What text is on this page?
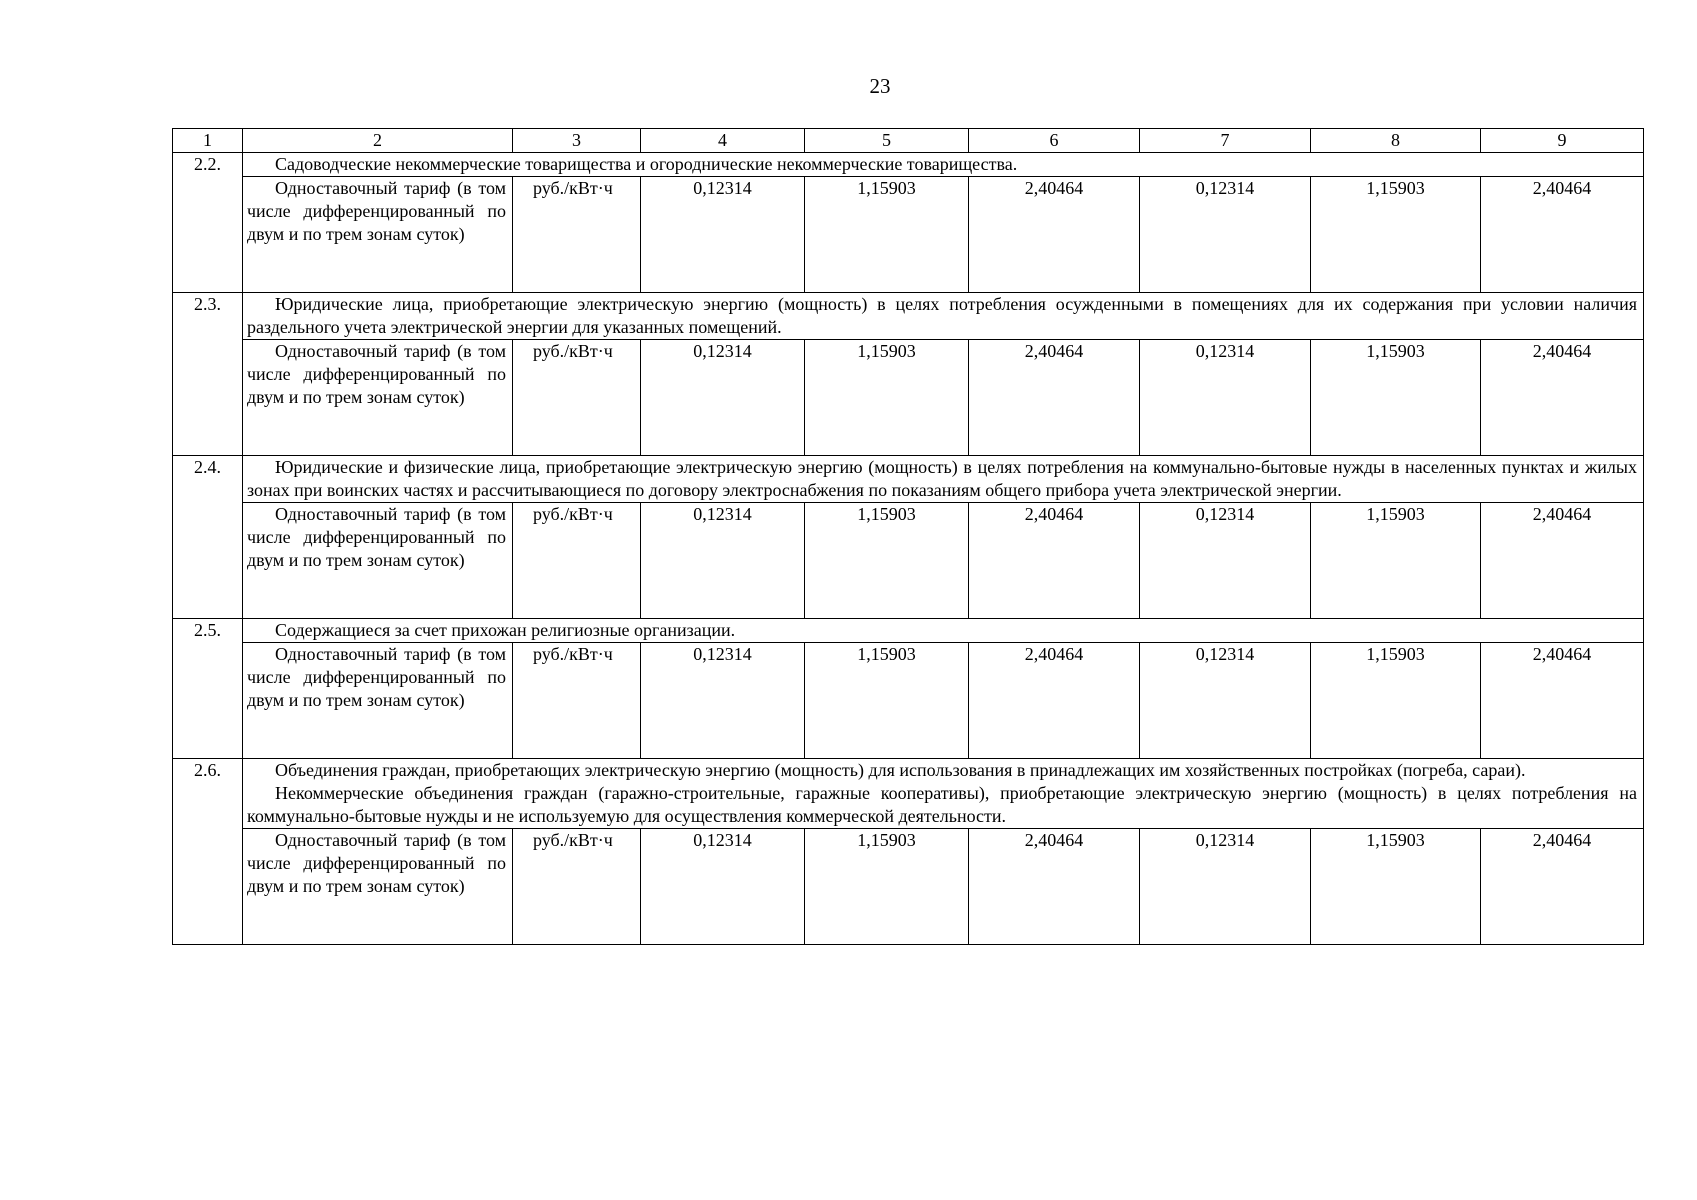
23
1	2	3	4	5	6	7	8	9
2.2.	Садоводческие некоммерческие товарищества и огороднические некоммерческие товарищества.							
	Одноставочный тариф (в том числе дифференцированный по двум и по трем зонам суток)	руб./кВт·ч	0,12314	1,15903	2,40464	0,12314	1,15903	2,40464
2.3.	Юридические лица, приобретающие электрическую энергию (мощность) в целях потребления осужденными в помещениях для их содержания при условии наличия раздельного учета электрической энергии для указанных помещений.							
	Одноставочный тариф (в том числе дифференцированный по двум и по трем зонам суток)	руб./кВт·ч	0,12314	1,15903	2,40464	0,12314	1,15903	2,40464
2.4.	Юридические и физические лица, приобретающие электрическую энергию (мощность) в целях потребления на коммунально-бытовые нужды в населенных пунктах и жилых зонах при воинских частях и рассчитывающиеся по договору электроснабжения по показаниям общего прибора учета электрической энергии.							
	Одноставочный тариф (в том числе дифференцированный по двум и по трем зонам суток)	руб./кВт·ч	0,12314	1,15903	2,40464	0,12314	1,15903	2,40464
2.5.	Содержащиеся за счет прихожан религиозные организации.							
	Одноставочный тариф (в том числе дифференцированный по двум и по трем зонам суток)	руб./кВт·ч	0,12314	1,15903	2,40464	0,12314	1,15903	2,40464
2.6.	Объединения граждан, приобретающих электрическую энергию (мощность) для использования в принадлежащих им хозяйственных постройках (погреба, сараи).

Некоммерческие объединения граждан (гаражно-строительные, гаражные кооперативы), приобретающие электрическую энергию (мощность) в целях потребления на коммунально-бытовые нужды и не используемую для осуществления коммерческой деятельности.							

	Одноставочный тариф (в том числе дифференцированный по двум и по трем зонам суток)	руб./кВт·ч	0,12314	1,15903	2,40464	0,12314	1,15903	2,40464
